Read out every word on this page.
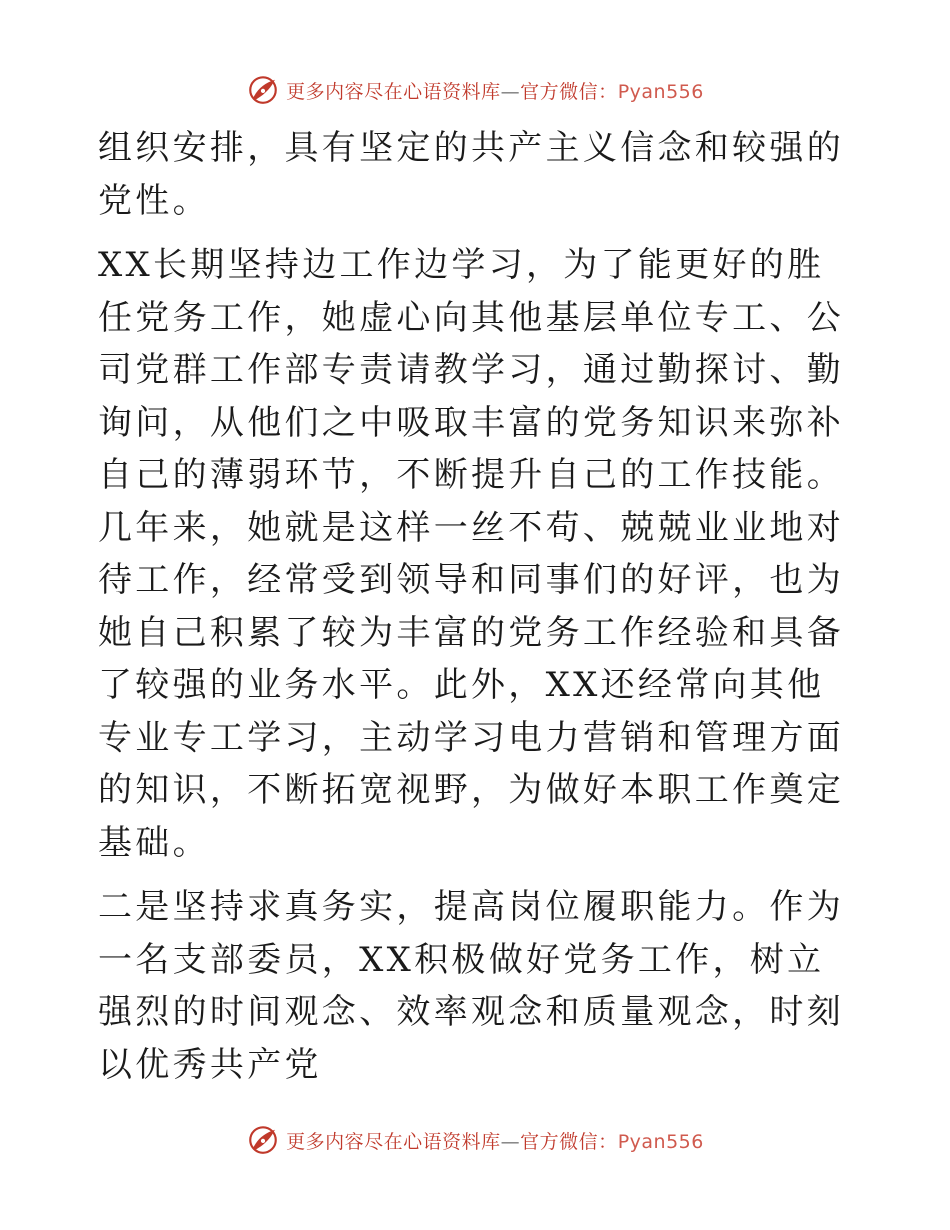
更多内容尽在心语资料库—官方微信：Pyan556

组织安排，具有坚定的共产主义信念和较强的党性。

XX长期坚持边工作边学习，为了能更好的胜任党务工作，她虚心向其他基层单位专工、公司党群工作部专责请教学习，通过勤探讨、勤询问，从他们之中吸取丰富的党务知识来弥补自己的薄弱环节，不断提升自己的工作技能。几年来，她就是这样一丝不苟、兢兢业业地对待工作，经常受到领导和同事们的好评，也为她自己积累了较为丰富的党务工作经验和具备了较强的业务水平。此外，XX还经常向其他专业专工学习，主动学习电力营销和管理方面的知识，不断拓宽视野，为做好本职工作奠定基础。

二是坚持求真务实，提高岗位履职能力。作为一名支部委员，XX积极做好党务工作，树立强烈的时间观念、效率观念和质量观念，时刻以优秀共产党

更多内容尽在心语资料库—官方微信：Pyan556
